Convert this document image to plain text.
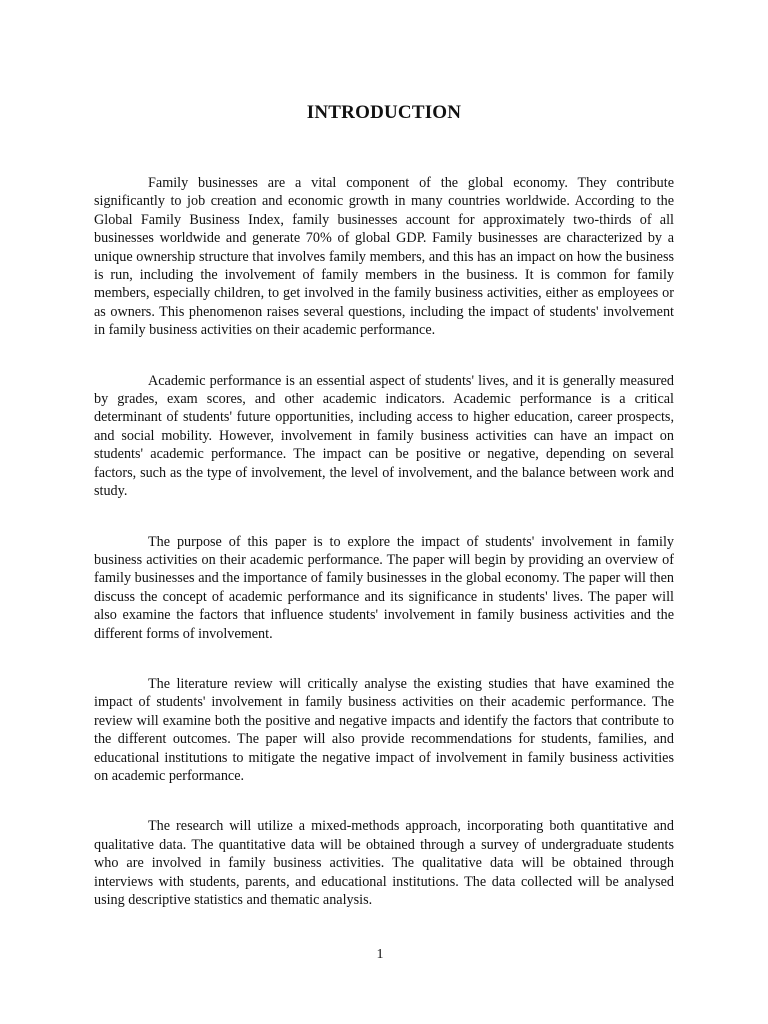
INTRODUCTION

Family businesses are a vital component of the global economy. They contribute significantly to job creation and economic growth in many countries worldwide. According to the Global Family Business Index, family businesses account for approximately two-thirds of all businesses worldwide and generate 70% of global GDP. Family businesses are characterized by a unique ownership structure that involves family members, and this has an impact on how the business is run, including the involvement of family members in the business. It is common for family members, especially children, to get involved in the family business activities, either as employees or as owners. This phenomenon raises several questions, including the impact of students' involvement in family business activities on their academic performance.

Academic performance is an essential aspect of students' lives, and it is generally measured by grades, exam scores, and other academic indicators. Academic performance is a critical determinant of students' future opportunities, including access to higher education, career prospects, and social mobility. However, involvement in family business activities can have an impact on students' academic performance. The impact can be positive or negative, depending on several factors, such as the type of involvement, the level of involvement, and the balance between work and study.

The purpose of this paper is to explore the impact of students' involvement in family business activities on their academic performance. The paper will begin by providing an overview of family businesses and the importance of family businesses in the global economy. The paper will then discuss the concept of academic performance and its significance in students' lives. The paper will also examine the factors that influence students' involvement in family business activities and the different forms of involvement.

The literature review will critically analyse the existing studies that have examined the impact of students' involvement in family business activities on their academic performance. The review will examine both the positive and negative impacts and identify the factors that contribute to the different outcomes. The paper will also provide recommendations for students, families, and educational institutions to mitigate the negative impact of involvement in family business activities on academic performance.

The research will utilize a mixed-methods approach, incorporating both quantitative and qualitative data. The quantitative data will be obtained through a survey of undergraduate students who are involved in family business activities. The qualitative data will be obtained through interviews with students, parents, and educational institutions. The data collected will be analysed using descriptive statistics and thematic analysis.

1
